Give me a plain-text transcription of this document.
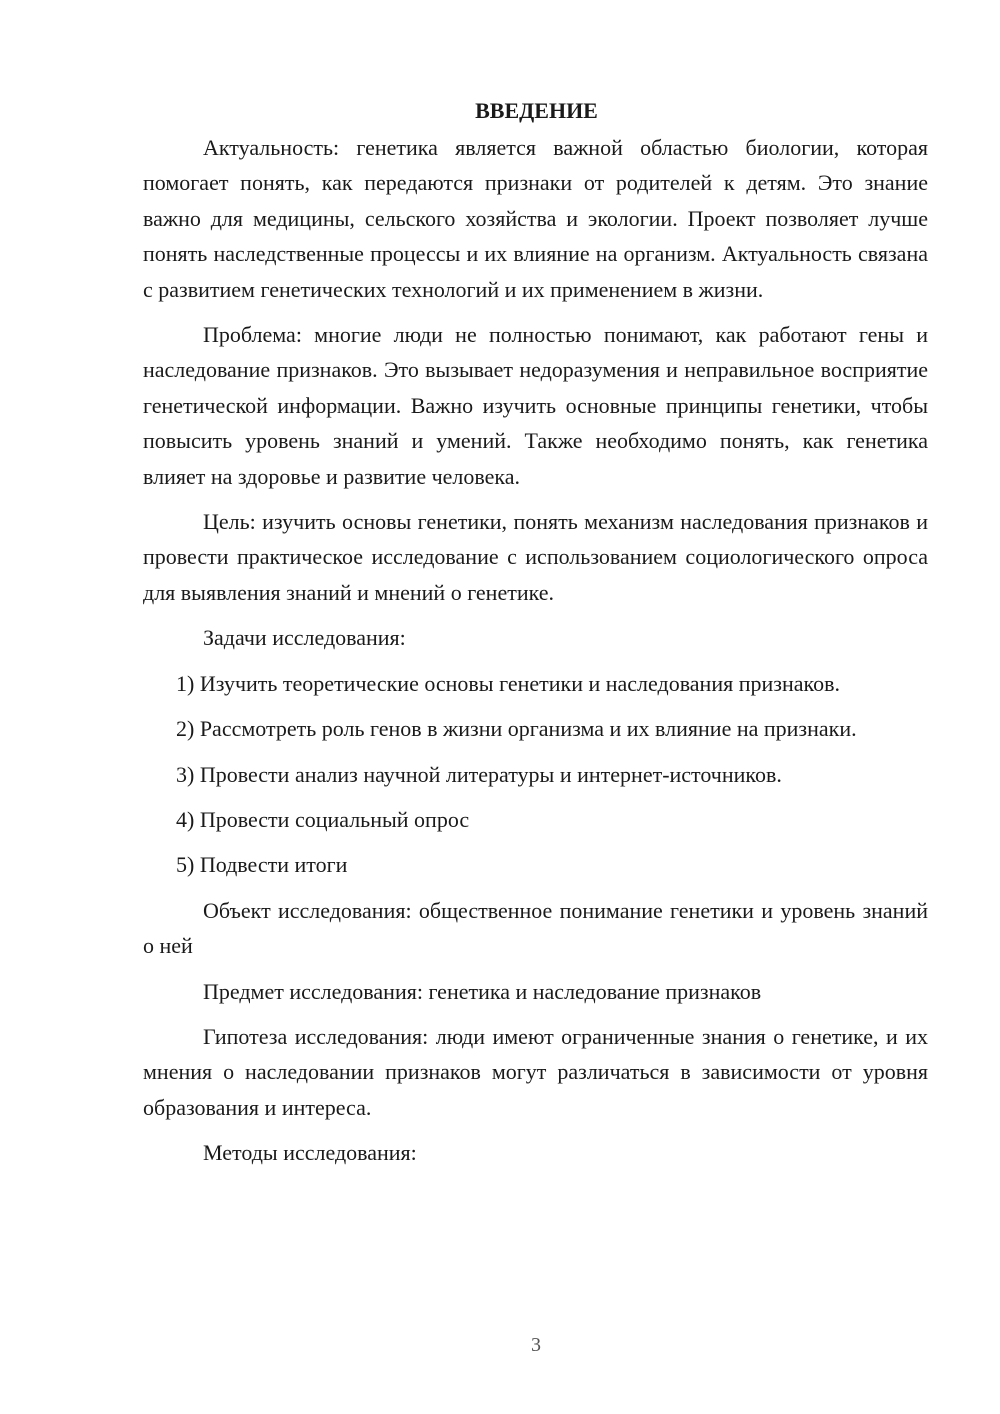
ВВЕДЕНИЕ

Актуальность: генетика является важной областью биологии, которая помогает понять, как передаются признаки от родителей к детям. Это знание важно для медицины, сельского хозяйства и экологии. Проект позволяет лучше понять наследственные процессы и их влияние на организм. Актуальность связана с развитием генетических технологий и их применением в жизни.

Проблема: многие люди не полностью понимают, как работают гены и наследование признаков. Это вызывает недоразумения и неправильное восприятие генетической информации. Важно изучить основные принципы генетики, чтобы повысить уровень знаний и умений. Также необходимо понять, как генетика влияет на здоровье и развитие человека.

Цель: изучить основы генетики, понять механизм наследования признаков и провести практическое исследование с использованием социологического опроса для выявления знаний и мнений о генетике.

Задачи исследования:

1) Изучить теоретические основы генетики и наследования признаков.

2) Рассмотреть роль генов в жизни организма и их влияние на признаки.

3) Провести анализ научной литературы и интернет-источников.

4) Провести социальный опрос

5) Подвести итоги

Объект исследования: общественное понимание генетики и уровень знаний о ней

Предмет исследования: генетика и наследование признаков

Гипотеза исследования: люди имеют ограниченные знания о генетике, и их мнения о наследовании признаков могут различаться в зависимости от уровня образования и интереса.

Методы исследования:

3
